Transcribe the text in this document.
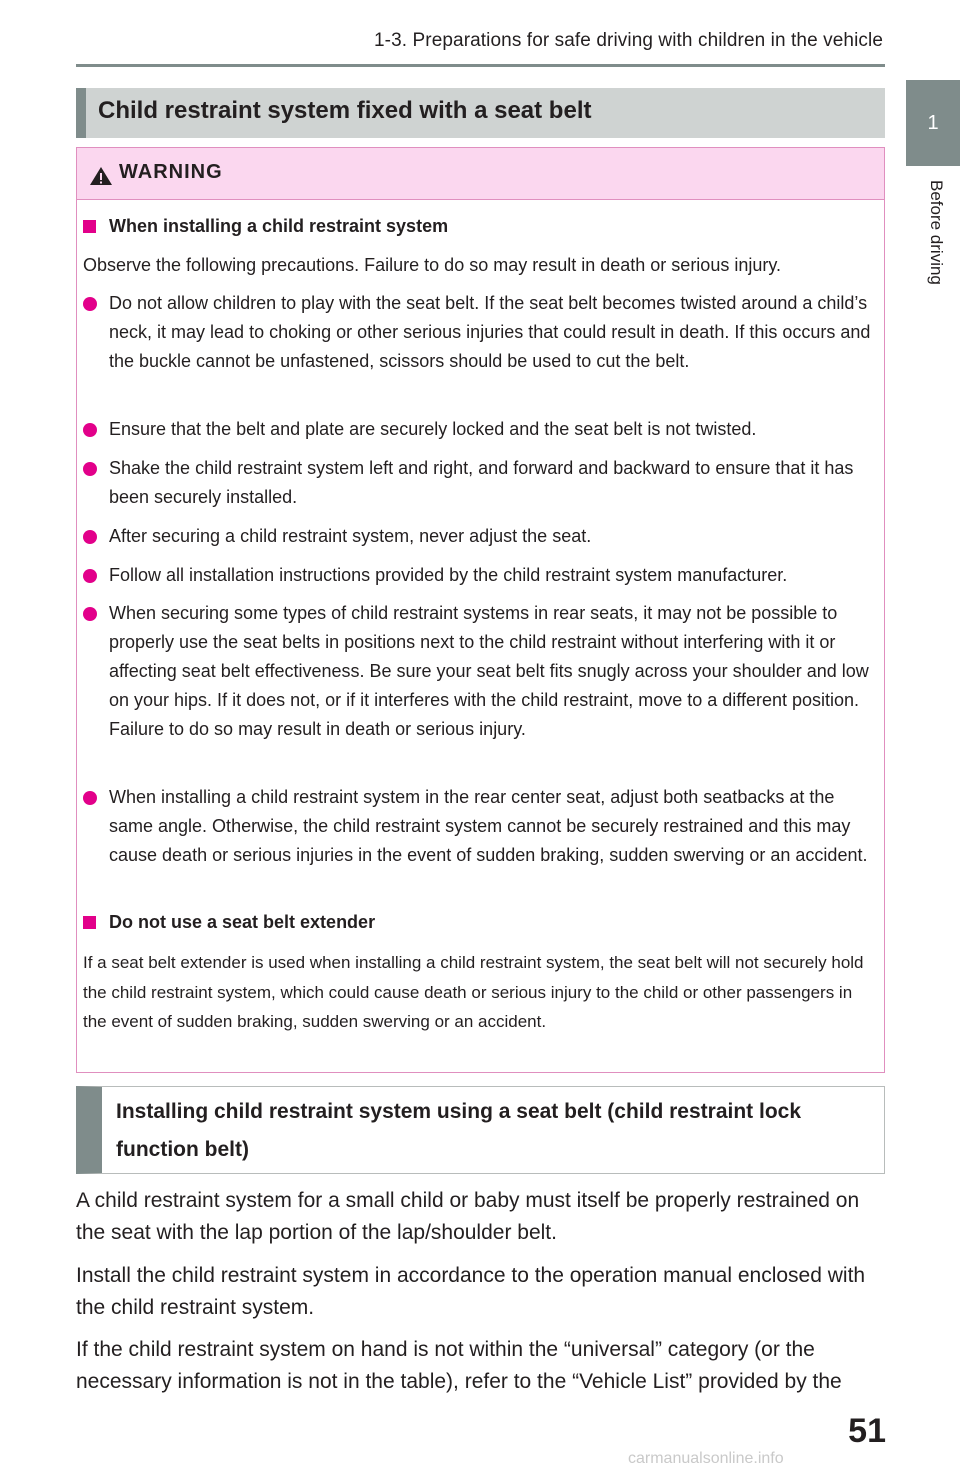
1-3. Preparations for safe driving with children in the vehicle
1
Before driving
Child restraint system fixed with a seat belt
WARNING
When installing a child restraint system
Observe the following precautions. Failure to do so may result in death or serious injury.
Do not allow children to play with the seat belt. If the seat belt becomes twisted around a child’s neck, it may lead to choking or other serious injuries that could result in death. If this occurs and the buckle cannot be unfastened, scissors should be used to cut the belt.
Ensure that the belt and plate are securely locked and the seat belt is not twisted.
Shake the child restraint system left and right, and forward and backward to ensure that it has been securely installed.
After securing a child restraint system, never adjust the seat.
Follow all installation instructions provided by the child restraint system manufacturer.
When securing some types of child restraint systems in rear seats, it may not be possible to properly use the seat belts in positions next to the child restraint without interfering with it or affecting seat belt effectiveness. Be sure your seat belt fits snugly across your shoulder and low on your hips. If it does not, or if it interferes with the child restraint, move to a different position. Failure to do so may result in death or serious injury.
When installing a child restraint system in the rear center seat, adjust both seatbacks at the same angle. Otherwise, the child restraint system cannot be securely restrained and this may cause death or serious injuries in the event of sudden braking, sudden swerving or an accident.
Do not use a seat belt extender
If a seat belt extender is used when installing a child restraint system, the seat belt will not securely hold the child restraint system, which could cause death or serious injury to the child or other passengers in the event of sudden braking, sudden swerving or an accident.
Installing child restraint system using a seat belt (child restraint lock function belt)
A child restraint system for a small child or baby must itself be properly restrained on the seat with the lap portion of the lap/shoulder belt.
Install the child restraint system in accordance to the operation manual enclosed with the child restraint system.
If the child restraint system on hand is not within the “universal” category (or the necessary information is not in the table), refer to the “Vehicle List” provided by the
51
carmanualsonline.info
